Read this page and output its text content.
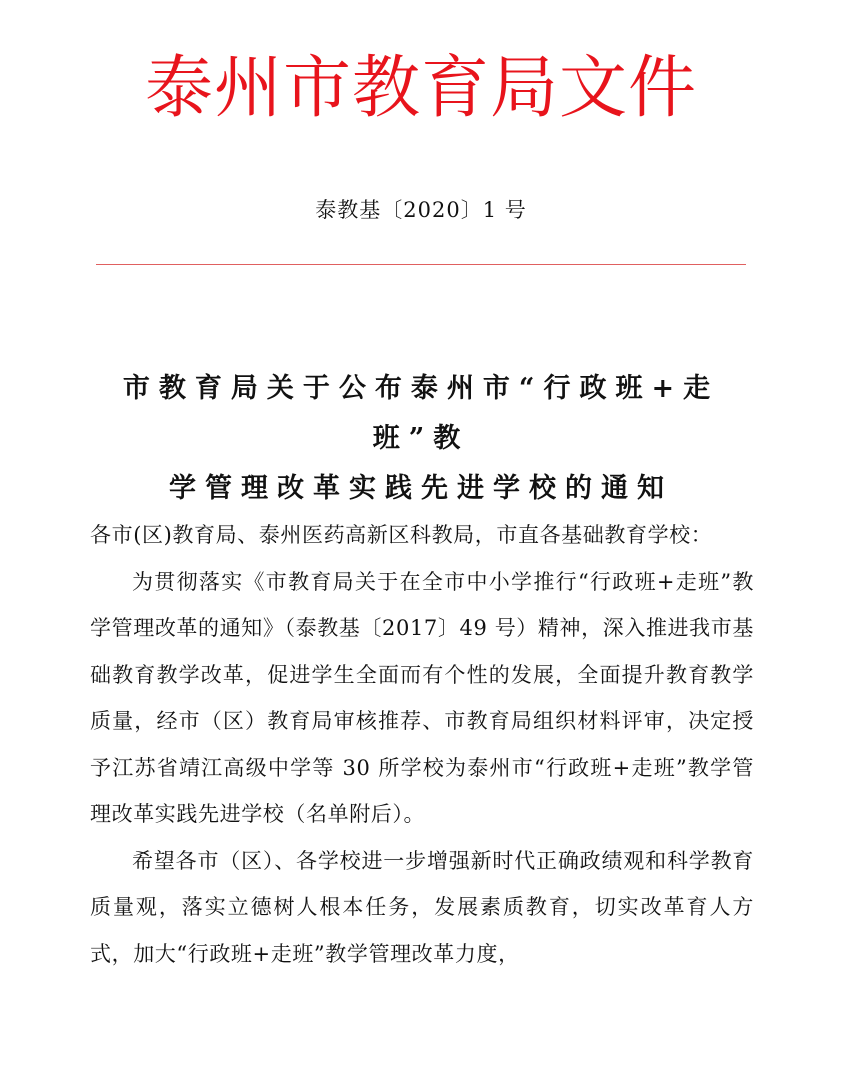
泰州市教育局文件
泰教基〔2020〕1 号
市教育局关于公布泰州市“行政班+走班”教
学管理改革实践先进学校的通知

各市(区)教育局、泰州医药高新区科教局，市直各基础教育学校：

为贯彻落实《市教育局关于在全市中小学推行“行政班+走班”教学管理改革的通知》（泰教基〔2017〕49 号）精神，深入推进我市基础教育教学改革，促进学生全面而有个性的发展，全面提升教育教学质量，经市（区）教育局审核推荐、市教育局组织材料评审，决定授予江苏省靖江高级中学等 30 所学校为泰州市“行政班+走班”教学管理改革实践先进学校（名单附后）。

希望各市（区）、各学校进一步增强新时代正确政绩观和科学教育质量观，落实立德树人根本任务，发展素质教育，切实改革育人方式，加大“行政班+走班”教学管理改革力度，
